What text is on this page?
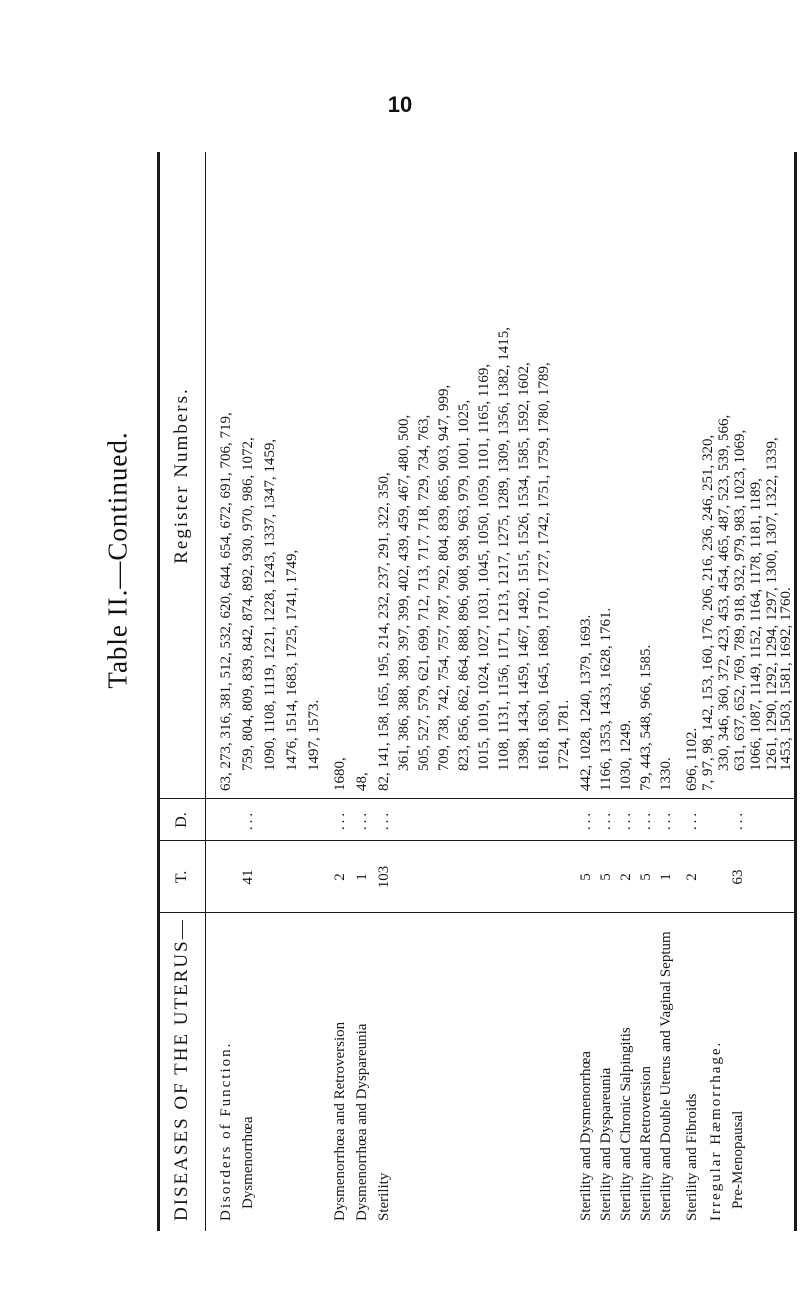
10
Table II.—Continued.
DISEASES OF THE UTERUS—
T.
D.
Register Numbers.
Disorders of Function. Dysmenorrhœa
41
...
63, 273, 316, 381, 512, 532, 620, 644, 654, 672, 691, 706, 719, 759, 804, 809, 839, 842, 874, 892, 930, 970, 986, 1072, 1090, 1108, 1119, 1221, 1228, 1243, 1337, 1347, 1459, 1476, 1514, 1683, 1725, 1741, 1749, 1497, 1573.
Dysmenorrhœa and Retroversion
2
...
1680,
Dysmenorrhœa and Dyspareunia
1
...
48,
Sterility
103
...
82, 141, 158, 165, 195, 214, 232, 237, 291, 322, 350, 361, 386, 388, 389, 397, 399, 402, 439, 459, 467, 480, 500, 505, 527, 579, 621, 699, 712, 713, 717, 718, 729, 734, 763, 709, 738, 742, 754, 757, 787, 792, 804, 839, 865, 903, 947, 999, 823, 856, 862, 864, 888, 896, 908, 938, 963, 979, 1001, 1025, 1015, 1019, 1024, 1027, 1031, 1045, 1050, 1059, 1101, 1165, 1169, 1108, 1131, 1156, 1171, 1213, 1217, 1275, 1289, 1309, 1356, 1382, 1415, 1398, 1434, 1459, 1467, 1492, 1515, 1526, 1534, 1585, 1592, 1602, 1618, 1630, 1645, 1689, 1710, 1727, 1742, 1751, 1759, 1780, 1789, 1724, 1781.
Sterility and Dysmenorrhœa
5
...
442, 1028, 1240, 1379, 1693.
Sterility and Dyspareunia
5
...
1166, 1353, 1433, 1628, 1761.
Sterility and Chronic Salpingitis
2
...
1030, 1249.
Sterility and Retroversion
5
...
79, 443, 548, 966, 1585.
Sterility and Double Uterus and Vaginal Septum
1
...
1330.
Sterility and Fibroids
2
...
696, 1102.
Irregular Hæmorrhage. Pre-Menopausal
63
...
7, 97, 98, 142, 153, 160, 176, 206, 216, 236, 246, 251, 320, 330, 346, 360, 372, 423, 453, 454, 465, 487, 523, 539, 566, 631, 637, 652, 769, 789, 918, 932, 979, 983, 1023, 1069, 1066, 1087, 1149, 1152, 1164, 1178, 1181, 1189, 1261, 1290, 1292, 1294, 1297, 1300, 1307, 1322, 1339,
1453, 1503, 1581, 1692, 1760.
